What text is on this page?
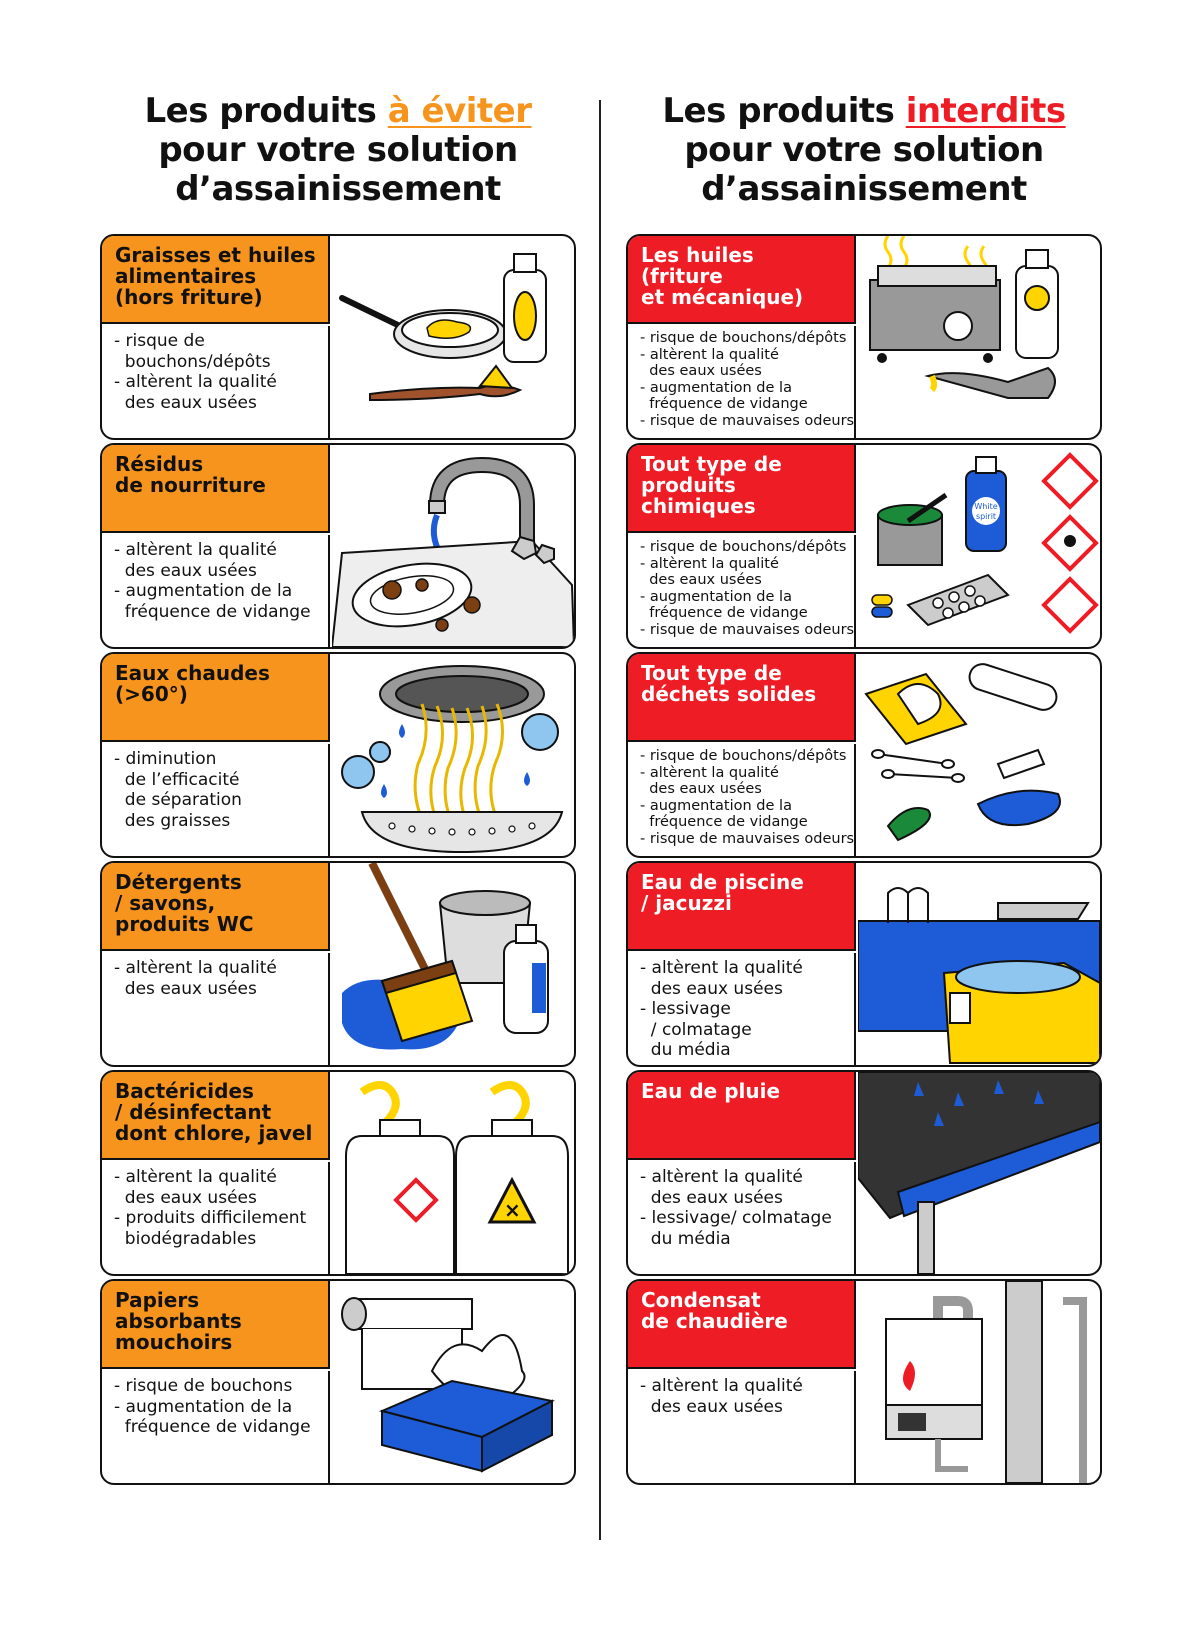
Les produits à éviter
pour votre solution
d’assainissement
Graisses et huiles
alimentaires
(hors friture)
- risque de
bouchons/dépôts
- altèrent la qualité
des eaux usées
Résidus
de nourriture
- altèrent la qualité
des eaux usées
- augmentation de la
fréquence de vidange
Eaux chaudes
(>60°)
- diminution
de l’efficacité
de séparation
des graisses
Détergents
/ savons,
produits WC
- altèrent la qualité
des eaux usées
Bactéricides
/ désinfectant
dont chlore, javel
- altèrent la qualité
des eaux usées
- produits difficilement
biodégradables
×
Papiers
absorbants
mouchoirs
- risque de bouchons
- augmentation de la
fréquence de vidange
Les produits interdits
pour votre solution
d’assainissement
Les huiles
(friture
et mécanique)
- risque de bouchons/dépôts
- altèrent la qualité
des eaux usées
- augmentation de la
fréquence de vidange
- risque de mauvaises odeurs
Tout type de
produits chimiques
- risque de bouchons/dépôts
- altèrent la qualité
des eaux usées
- augmentation de la
fréquence de vidange
- risque de mauvaises odeurs
White
spirit
Tout type de
déchets solides
- risque de bouchons/dépôts
- altèrent la qualité
des eaux usées
- augmentation de la
fréquence de vidange
- risque de mauvaises odeurs
Eau de piscine
/ jacuzzi
- altèrent la qualité
des eaux usées
- lessivage
/ colmatage
du média
Eau de pluie
- altèrent la qualité
des eaux usées
- lessivage/ colmatage
du média
Condensat
de chaudière
- altèrent la qualité
des eaux usées
